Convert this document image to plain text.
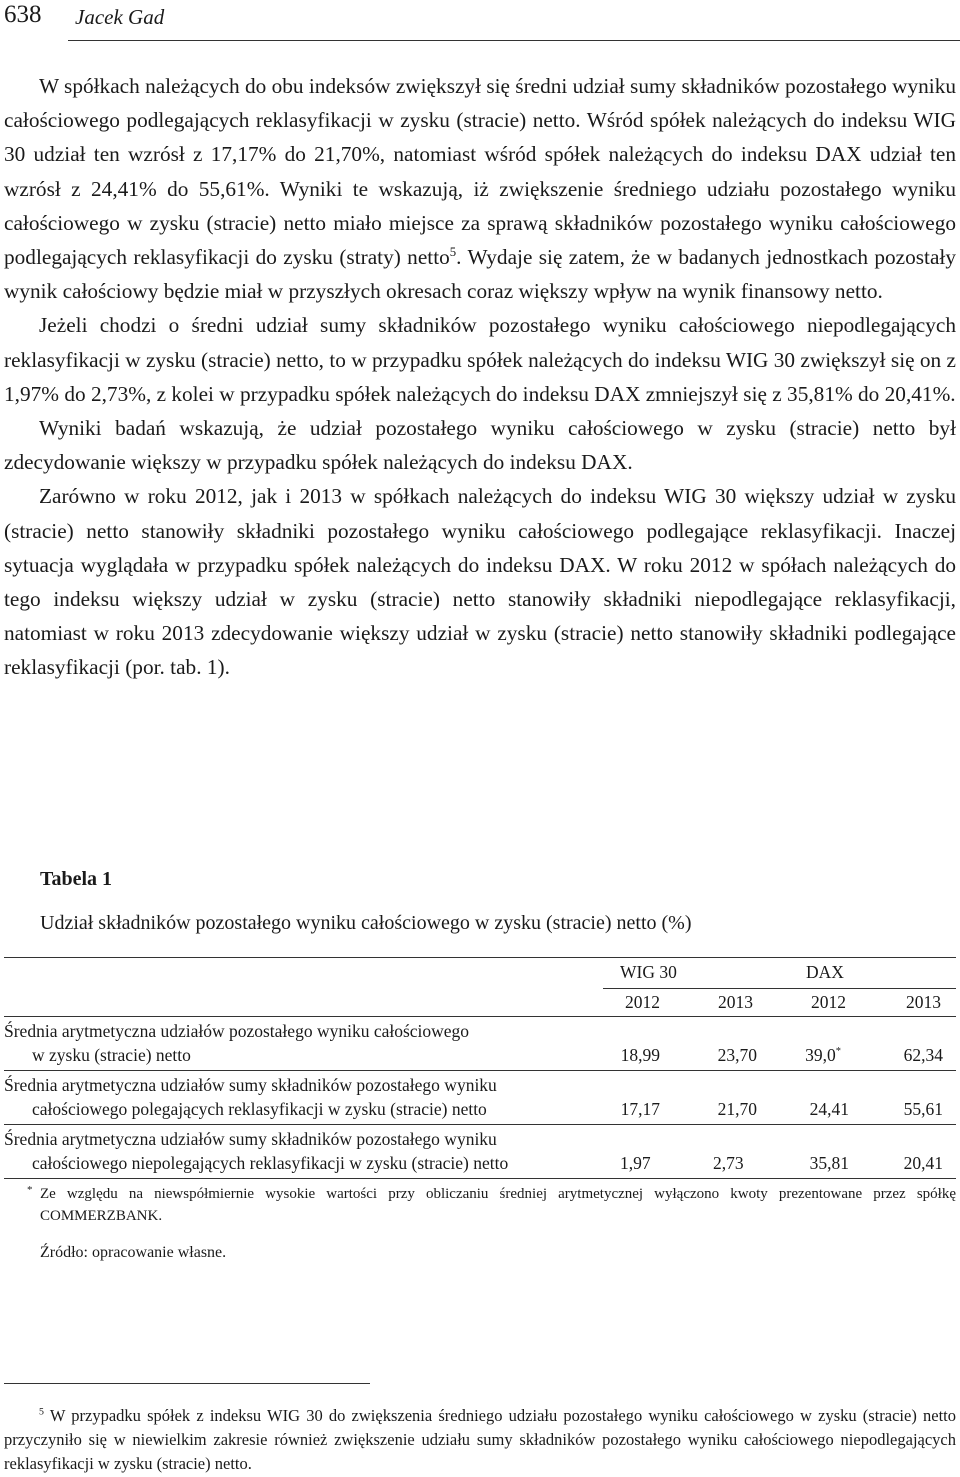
638 Jacek Gad

W spółkach należących do obu indeksów zwiększył się średni udział sumy składników pozostałego wyniku całościowego podlegających reklasyfikacji w zysku (stracie) netto. Wśród spółek należących do indeksu WIG 30 udział ten wzrósł z 17,17% do 21,70%, natomiast wśród spółek należących do indeksu DAX udział ten wzrósł z 24,41% do 55,61%. Wyniki te wskazują, iż zwiększenie średniego udziału pozostałego wyniku całościowego w zysku (stracie) netto miało miejsce za sprawą składników pozostałego wyniku całościowego podlegających reklasyfikacji do zysku (straty) netto$^5$. Wydaje się zatem, że w badanych jednostkach pozostały wynik całościowy będzie miał w przyszłych okresach coraz większy wpływ na wynik finansowy netto.

Jeżeli chodzi o średni udział sumy składników pozostałego wyniku całościowego niepodlegających reklasyfikacji w zysku (stracie) netto, to w przypadku spółek należących do indeksu WIG 30 zwiększył się on z 1,97% do 2,73%, z kolei w przypadku spółek należących do indeksu DAX zmniejszył się z 35,81% do 20,41%.

Wyniki badań wskazują, że udział pozostałego wyniku całościowego w zysku (stracie) netto był zdecydowanie większy w przypadku spółek należących do indeksu DAX.

Zarówno w roku 2012, jak i 2013 w spółkach należących do indeksu WIG 30 większy udział w zysku (stracie) netto stanowiły składniki pozostałego wyniku całościowego podlegające reklasyfikacji. Inaczej sytuacja wyglądała w przypadku spółek należących do indeksu DAX. W roku 2012 w spółach należących do tego indeksu większy udział w zysku (stracie) netto stanowiły składniki niepodlegające reklasyfikacji, natomiast w roku 2013 zdecydowanie większy udział w zysku (stracie) netto stanowiły składniki podlegające reklasyfikacji (por. tab. 1).

Tabela 1
Udział składników pozostałego wyniku całościowego w zysku (stracie) netto (%)
WIG 30	DAX
2012	2013	2012	2013
Średnia arytmetyczna udziałów pozostałego wyniku całościowego
w zysku (stracie) netto	18,99	23,70	39,0*	62,34
Średnia arytmetyczna udziałów sumy składników pozostałego wyniku
całościowego polegających reklasyfikacji w zysku (stracie) netto	17,17	21,70	24,41	55,61
Średnia arytmetyczna udziałów sumy składników pozostałego wyniku
całościowego niepolegających reklasyfikacji w zysku (stracie) netto	1,97	2,73	35,81	20,41
* Ze względu na niewspółmiernie wysokie wartości przy obliczaniu średniej arytmetycznej wyłączono kwoty prezentowane przez spółkę COMMERZBANK.
Źródło: opracowanie własne.

$^5$ W przypadku spółek z indeksu WIG 30 do zwiększenia średniego udziału pozostałego wyniku całościowego w zysku (stracie) netto przyczyniło się w niewielkim zakresie również zwiększenie udziału sumy składników pozostałego wyniku całościowego niepodlegających reklasyfikacji w zysku (stracie) netto.
